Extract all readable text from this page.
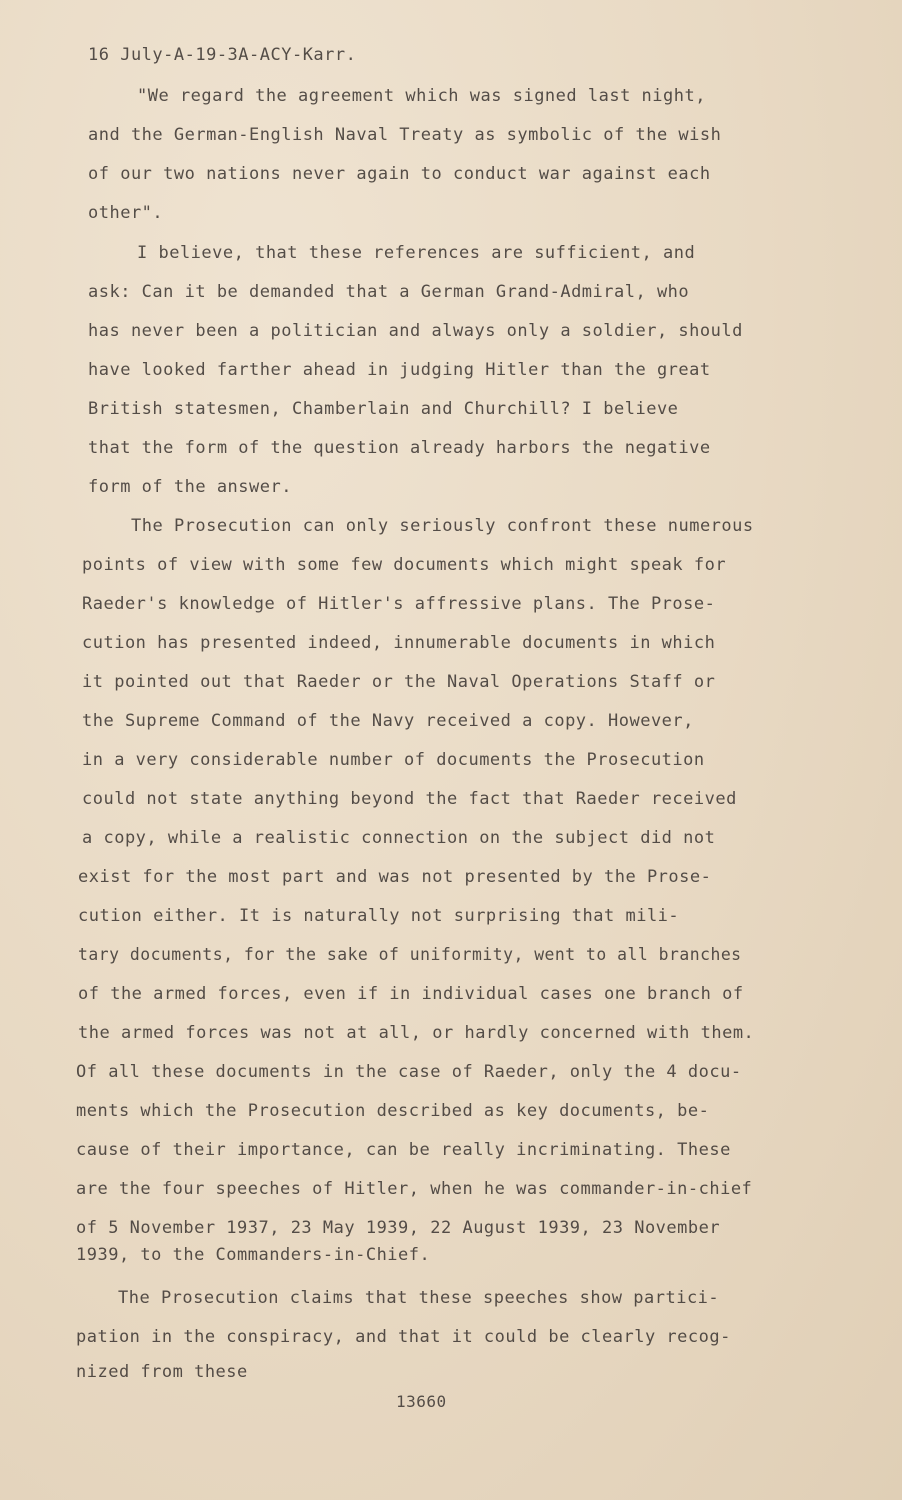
16 July-A-19-3A-ACY-Karr.
"We regard the agreement which was signed last night,
and the German-English Naval Treaty as symbolic of the wish
of our two nations never again to conduct war against each
other".
I believe, that these references are sufficient, and
ask: Can it be demanded that a German Grand-Admiral, who
has never been a politician and always only a soldier, should
have looked farther ahead in judging Hitler than the great
British statesmen, Chamberlain and Churchill? I believe
that the form of the question already harbors the negative
form of the answer.
The Prosecution can only seriously confront these numerous
points of view with some few documents which might speak for
Raeder's knowledge of Hitler's affressive plans. The Prose-
cution has presented indeed, innumerable documents in which
it pointed out that Raeder or the Naval Operations Staff or
the Supreme Command of the Navy received a copy. However,
in a very considerable number of documents the Prosecution
could not state anything beyond the fact that Raeder received
a copy, while a realistic connection on the subject did not
exist for the most part and was not presented by the Prose-
cution either. It is naturally not surprising that mili-
tary documents, for the sake of uniformity, went to all branches
of the armed forces, even if in individual cases one branch of
the armed forces was not at all, or hardly concerned with them.
Of all these documents in the case of Raeder, only the 4 docu-
ments which the Prosecution described as key documents, be-
cause of their importance, can be really incriminating. These
are the four speeches of Hitler, when he was commander-in-chief
of 5 November 1937, 23 May 1939, 22 August 1939, 23 November
1939, to the Commanders-in-Chief.
The Prosecution claims that these speeches show partici-
pation in the conspiracy, and that it could be clearly recog-
nized from these
13660
